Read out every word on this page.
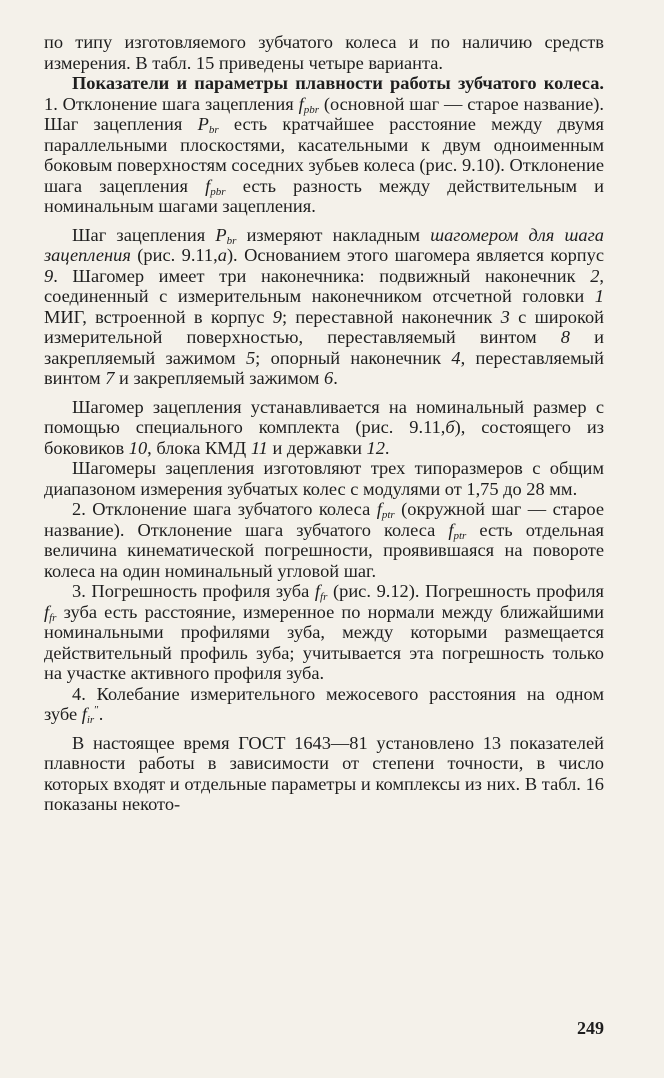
по типу изготовляемого зубчатого колеса и по наличию средств измерения. В табл. 15 приведены четыре варианта.

Показатели и параметры плавности работы зубчатого колеса. 1. Отклонение шага зацепления $f_{pbr}$ (основной шаг — старое название). Шаг зацепления $P_{br}$ есть кратчайшее расстояние между двумя параллельными плоскостями, касательными к двум одноименным боковым поверхностям соседних зубьев колеса (рис. 9.10). Отклонение шага зацепления $f_{pbr}$ есть разность между действительным и номинальным шагами зацепления.

Шаг зацепления $P_{br}$ измеряют накладным шагомером для шага зацепления (рис. 9.11,а). Основанием этого шагомера является корпус 9. Шагомер имеет три наконечника: подвижный наконечник 2, соединенный с измерительным наконечником отсчетной головки 1 МИГ, встроенной в корпус 9; переставной наконечник 3 с широкой измерительной поверхностью, переставляемый винтом 8 и закрепляемый зажимом 5; опорный наконечник 4, переставляемый винтом 7 и закрепляемый зажимом 6.

Шагомер зацепления устанавливается на номинальный размер с помощью специального комплекта (рис. 9.11,б), состоящего из боковиков 10, блока КМД 11 и державки 12.

Шагомеры зацепления изготовляют трех типоразмеров с общим диапазоном измерения зубчатых колес с модулями от 1,75 до 28 мм.

2. Отклонение шага зубчатого колеса $f_{ptr}$ (окружной шаг — старое название). Отклонение шага зубчатого колеса $f_{ptr}$ есть отдельная величина кинематической погрешности, проявившаяся на повороте колеса на один номинальный угловой шаг.

3. Погрешность профиля зуба $f_{fr}$ (рис. 9.12). Погрешность профиля $f_{fr}$ зуба есть расстояние, измеренное по нормали между ближайшими номинальными профилями зуба, между которыми размещается действительный профиль зуба; учитывается эта погрешность только на участке активного профиля зуба.

4. Колебание измерительного межосевого расстояния на одном зубе $f_{ir}''$.

В настоящее время ГОСТ 1643—81 установлено 13 показателей плавности работы в зависимости от степени точности, в число которых входят и отдельные параметры и комплексы из них. В табл. 16 показаны некото-

249
